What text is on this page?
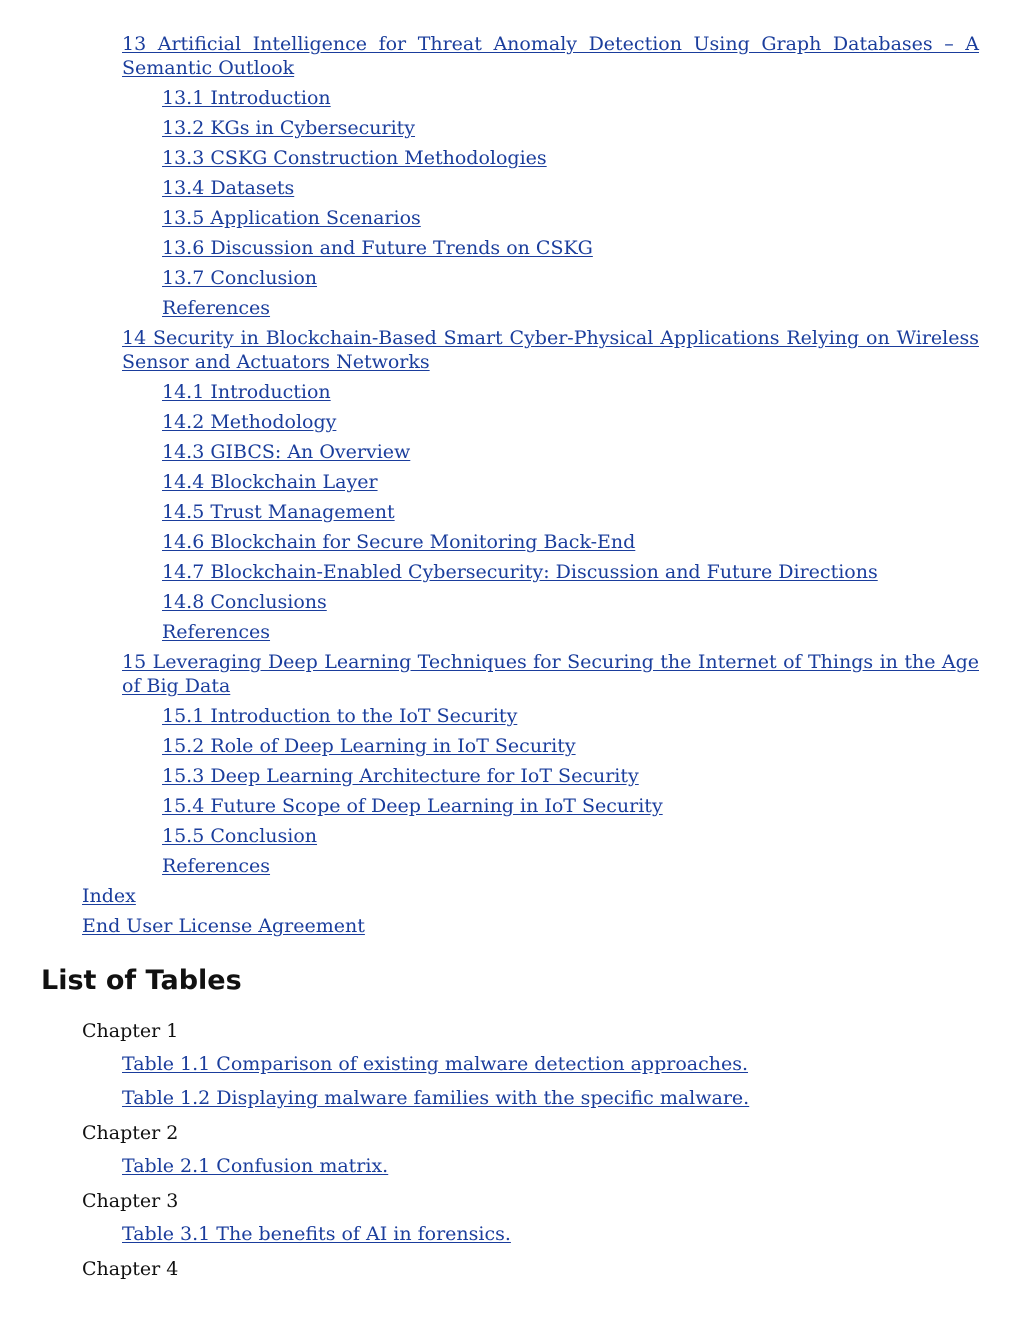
13 Artificial Intelligence for Threat Anomaly Detection Using Graph Databases – A Semantic Outlook
13.1 Introduction
13.2 KGs in Cybersecurity
13.3 CSKG Construction Methodologies
13.4 Datasets
13.5 Application Scenarios
13.6 Discussion and Future Trends on CSKG
13.7 Conclusion
References
14 Security in Blockchain-Based Smart Cyber-Physical Applications Relying on Wireless Sensor and Actuators Networks
14.1 Introduction
14.2 Methodology
14.3 GIBCS: An Overview
14.4 Blockchain Layer
14.5 Trust Management
14.6 Blockchain for Secure Monitoring Back-End
14.7 Blockchain-Enabled Cybersecurity: Discussion and Future Directions
14.8 Conclusions
References
15 Leveraging Deep Learning Techniques for Securing the Internet of Things in the Age of Big Data
15.1 Introduction to the IoT Security
15.2 Role of Deep Learning in IoT Security
15.3 Deep Learning Architecture for IoT Security
15.4 Future Scope of Deep Learning in IoT Security
15.5 Conclusion
References
Index
End User License Agreement
List of Tables
Chapter 1
Table 1.1 Comparison of existing malware detection approaches.
Table 1.2 Displaying malware families with the specific malware.
Chapter 2
Table 2.1 Confusion matrix.
Chapter 3
Table 3.1 The benefits of AI in forensics.
Chapter 4
